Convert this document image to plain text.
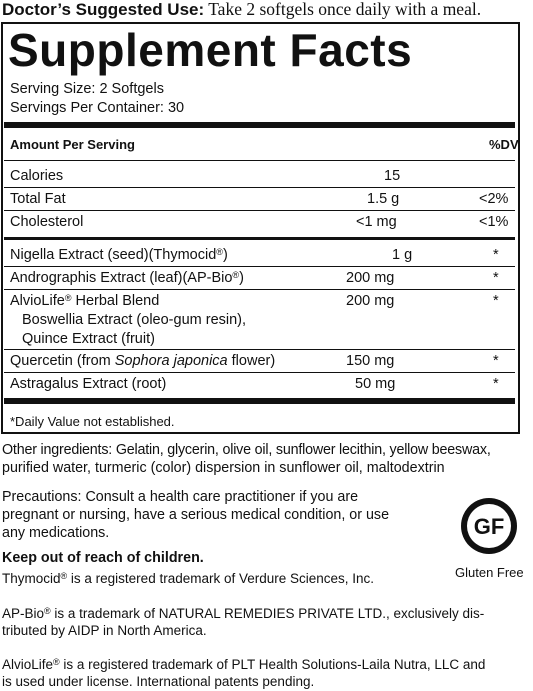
Doctor’s Suggested Use: Take 2 softgels once daily with a meal.
Supplement Facts
Serving Size: 2 Softgels
Servings Per Container: 30
Amount Per Serving	%DV
Calories	15
Total Fat	1.5 g	<2%
Cholesterol	<1 mg	<1%
Nigella Extract (seed)(Thymocid®)	1 g	*
Andrographis Extract (leaf)(AP-Bio®)	200 mg	*
AlvioLife® Herbal Blend	200 mg	*
Boswellia Extract (oleo-gum resin),
Quince Extract (fruit)
Quercetin (from Sophora japonica flower)	150 mg	*
Astragalus Extract (root)	50 mg	*
*Daily Value not established.
Other ingredients: Gelatin, glycerin, olive oil, sunflower lecithin, yellow beeswax,
purified water, turmeric (color) dispersion in sunflower oil, maltodextrin
Precautions: Consult a health care practitioner if you are
pregnant or nursing, have a serious medical condition, or use
any medications.
Keep out of reach of children.
Thymocid® is a registered trademark of Verdure Sciences, Inc.
AP-Bio® is a trademark of NATURAL REMEDIES PRIVATE LTD., exclusively dis-
tributed by AIDP in North America.
AlvioLife® is a registered trademark of PLT Health Solutions-Laila Nutra, LLC and
is used under license. International patents pending.
GF
Gluten Free
